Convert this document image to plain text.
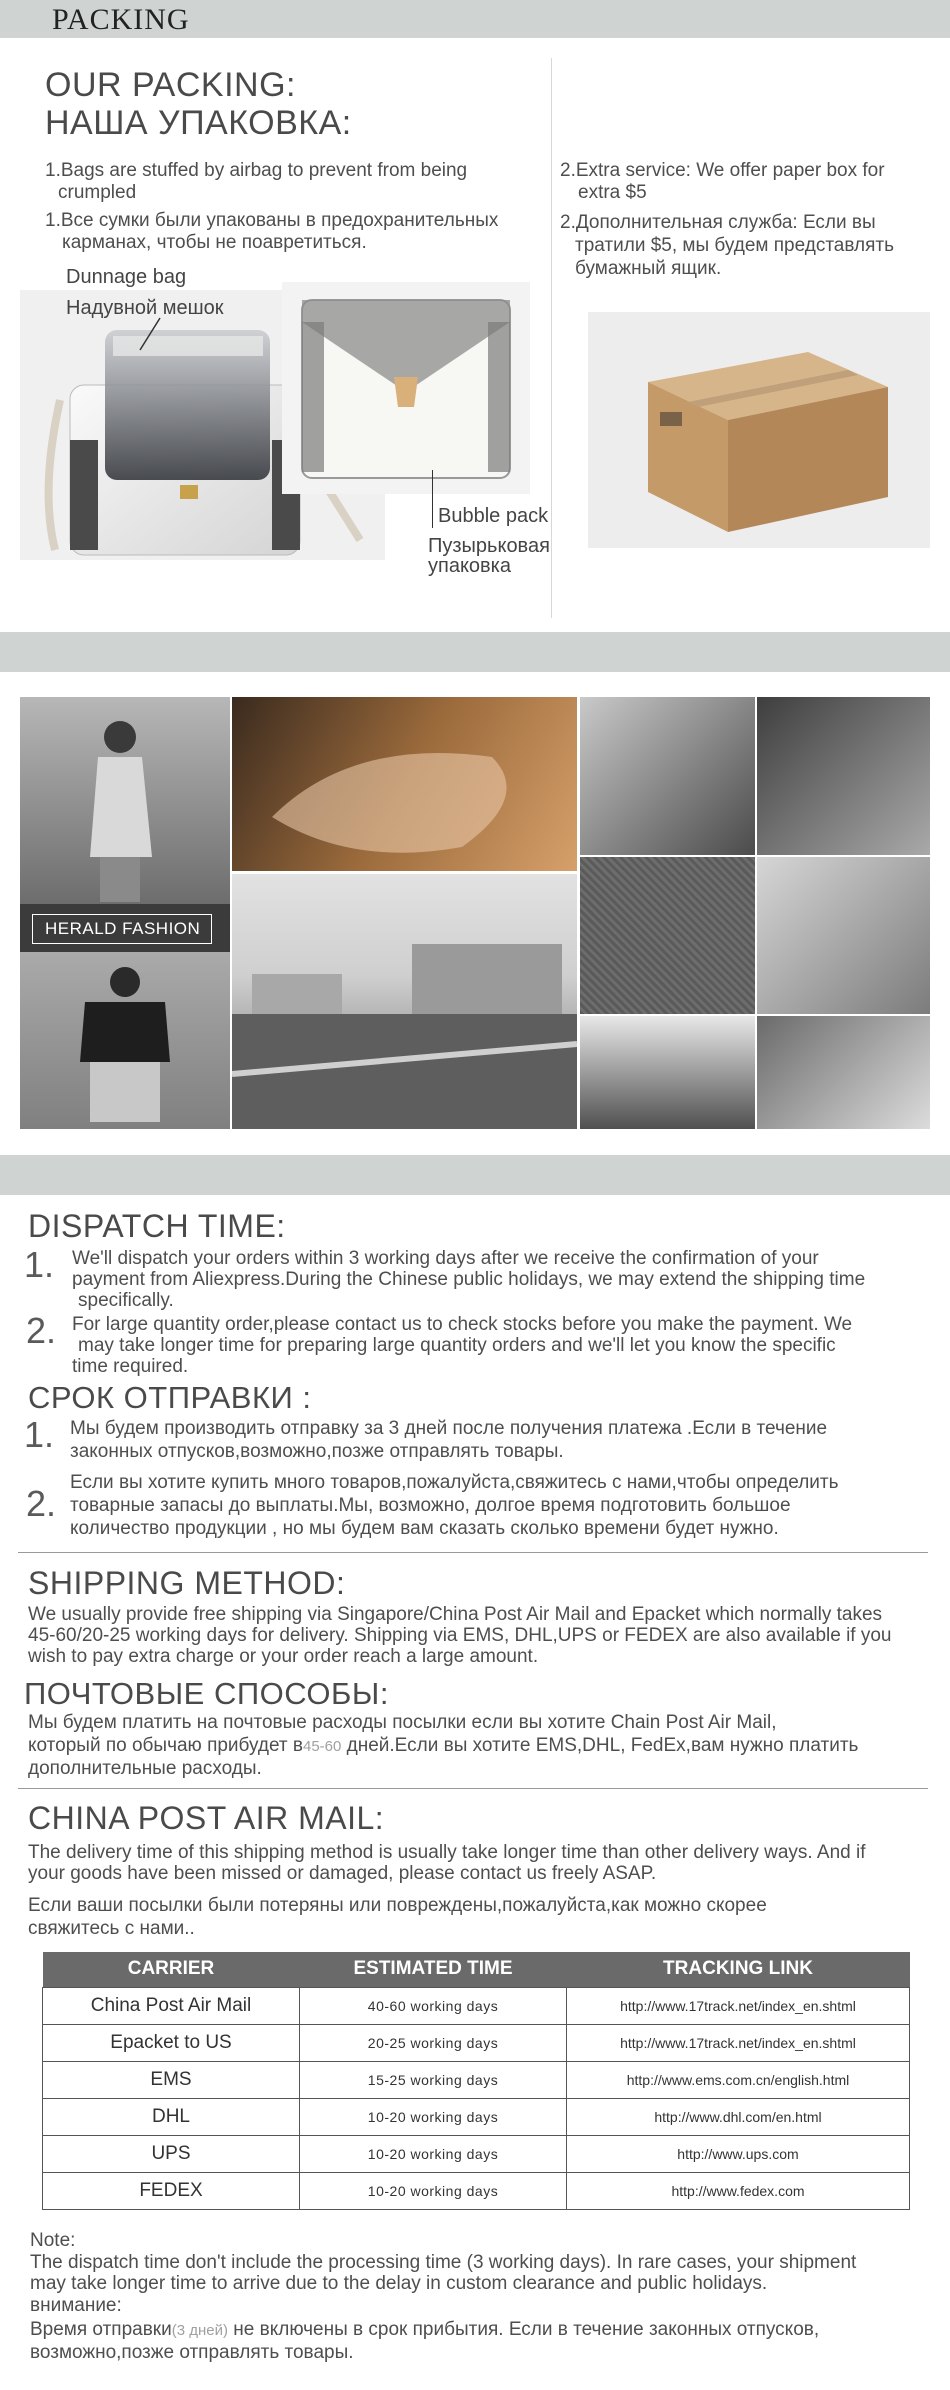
PACKING
OUR PACKING:
НАША УПАКОВКА:
1.Bags are stuffed by airbag to prevent from being
crumpled
1.Все сумки были упакованы в предохранительных
карманах, чтобы не поавретиться.
2.Extra service: We offer paper box for
extra $5
2.Дополнительная служба: Если вы
тратили $5, мы будем представлять
бумажный ящик.
Dunnage bag
Надувной мешок
Bubble pack
Пузырьковая
упаковка
HERALD FASHION
DISPATCH TIME:
1. We'll dispatch your orders within 3 working days after we receive the confirmation of your
payment from Aliexpress.During the Chinese public holidays, we may extend the shipping time
specifically.
2. For large quantity order,please contact us to check stocks before you make the payment. We
may take longer time for preparing large quantity orders and we'll let you know the specific
time required.
СРОК ОТПРАВКИ :
1. Мы будем производить отправку за 3 дней после получения платежа .Если в течение
законных отпусков,возможно,позже отправлять товары.
2.
Если вы хотите купить много товаров,пожалуйста,свяжитесь с нами,чтобы определить
товарные запасы до выплаты.Мы, возможно, долгое время подготовить большое
количество продукции , но мы будем вам сказать сколько времени будет нужно.
SHIPPING METHOD:
We usually provide free shipping via Singapore/China Post Air Mail and Epacket which normally takes
45-60/20-25 working days for delivery. Shipping via EMS, DHL,UPS or FEDEX are also available if you
wish to pay extra charge or your order reach a large amount.
ПОЧТОВЫЕ СПОСОБЫ:
Мы будем платить на почтовые расходы посылки если вы хотите Chain Post Air Mail,
который по обычаю прибудет в45-60 дней.Если вы хотите EMS,DHL, FedEx,вам нужно платить
дополнительные расходы.
CHINA POST AIR MAIL:
The delivery time of this shipping method is usually take longer time than other delivery ways. And if
your goods have been missed or damaged, please contact us freely ASAP.
Если ваши посылки были потеряны или повреждены,пожалуйста,как можно скорее
свяжитесь с нами..
CARRIER	ESTIMATED TIME	TRACKING LINK
China Post Air Mail	40-60 working days	http://www.17track.net/index_en.shtml
Epacket to US	20-25 working days	http://www.17track.net/index_en.shtml
EMS	15-25 working days	http://www.ems.com.cn/english.html
DHL	10-20 working days	http://www.dhl.com/en.html
UPS	10-20 working days	http://www.ups.com
FEDEX	10-20 working days	http://www.fedex.com
Note:
The dispatch time don't include the processing time (3 working days). In rare cases, your shipment
may take longer time to arrive due to the delay in custom clearance and public holidays.
внимание:
Время отправки(3 дней) не включены в срок прибытия. Если в течение законных отпусков,
возможно,позже отправлять товары.
